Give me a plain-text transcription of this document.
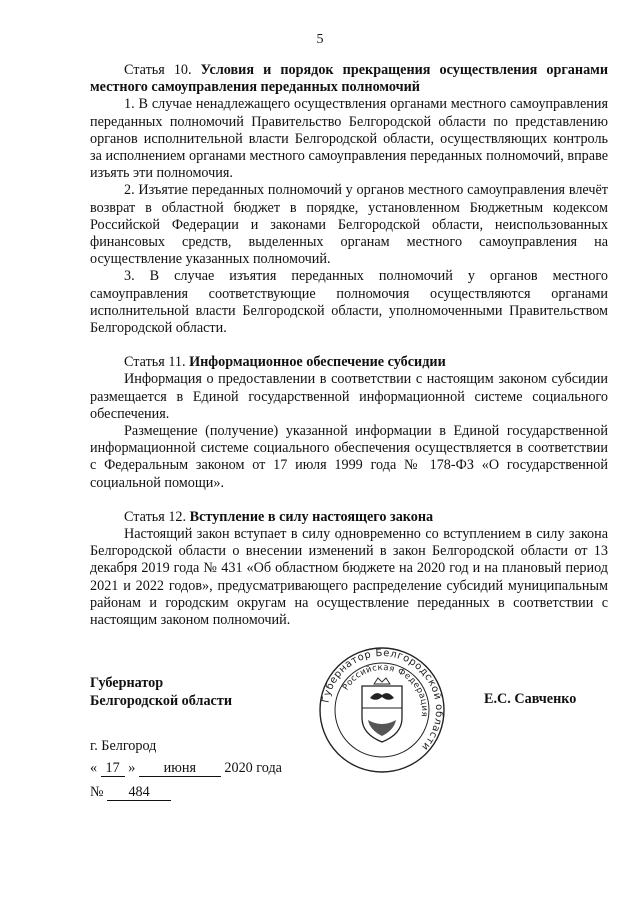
5

Статья 10. Условия и порядок прекращения осуществления органами местного самоуправления переданных полномочий

1. В случае ненадлежащего осуществления органами местного самоуправления переданных полномочий Правительство Белгородской области по представлению органов исполнительной власти Белгородской области, осуществляющих контроль за исполнением органами местного самоуправления переданных полномочий, вправе изъять эти полномочия.

2. Изъятие переданных полномочий у органов местного самоуправления влечёт возврат в областной бюджет в порядке, установленном Бюджетным кодексом Российской Федерации и законами Белгородской области, неиспользованных финансовых средств, выделенных органам местного самоуправления на осуществление указанных полномочий.

3. В случае изъятия переданных полномочий у органов местного самоуправления соответствующие полномочия осуществляются органами исполнительной власти Белгородской области, уполномоченными Правительством Белгородской области.

Статья 11. Информационное обеспечение субсидии

Информация о предоставлении в соответствии с настоящим законом субсидии размещается в Единой государственной информационной системе социального обеспечения.

Размещение (получение) указанной информации в Единой государственной информационной системе социального обеспечения осуществляется в соответствии с Федеральным законом от 17 июля 1999 года № 178-ФЗ «О государственной социальной помощи».

Статья 12. Вступление в силу настоящего закона

Настоящий закон вступает в силу одновременно со вступлением в силу закона Белгородской области о внесении изменений в закон Белгородской области от 13 декабря 2019 года № 431 «Об областном бюджете на 2020 год и на плановый период 2021 и 2022 годов», предусматривающего распределение субсидий муниципальным районам и городским округам на осуществление переданных в соответствии с настоящим законом полномочий.

Губернатор
Белгородской области	Губернатор Белгородской области
Российская Федерация
Е.С. Савченко
г. Белгород
« 17 » июня 2020 года
№ 484
